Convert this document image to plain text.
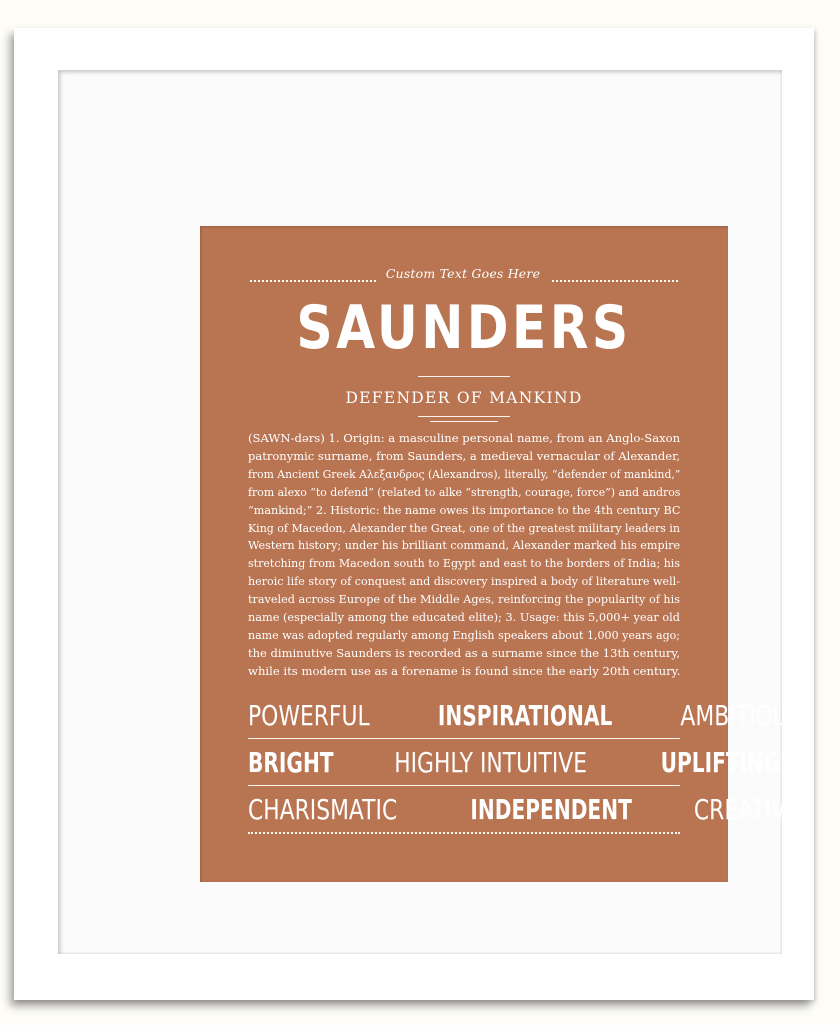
Custom Text Goes Here
SAUNDERS
DEFENDER OF MANKIND
(SAWN-dərs) 1. Origin: a masculine personal name, from an Anglo-Saxon
patronymic surname, from Saunders, a medieval vernacular of Alexander,
from Ancient Greek Αλεξανδρος (Alexandros), literally, “defender of mankind,”
from alexo “to defend” (related to alke “strength, courage, force”) and andros
“mankind;” 2. Historic: the name owes its importance to the 4th century BC
King of Macedon, Alexander the Great, one of the greatest military leaders in
Western history; under his brilliant command, Alexander marked his empire
stretching from Macedon south to Egypt and east to the borders of India; his
heroic life story of conquest and discovery inspired a body of literature well-
traveled across Europe of the Middle Ages, reinforcing the popularity of his
name (especially among the educated elite); 3. Usage: this 5,000+ year old
name was adopted regularly among English speakers about 1,000 years ago;
the diminutive Saunders is recorded as a surname since the 13th century,
while its modern use as a forename is found since the early 20th century.
POWERFUL INSPIRATIONAL AMBITIOUS
BRIGHT HIGHLY INTUITIVE	UPLIFTING
CHARISMATIC	INDEPENDENT CREATIVE
